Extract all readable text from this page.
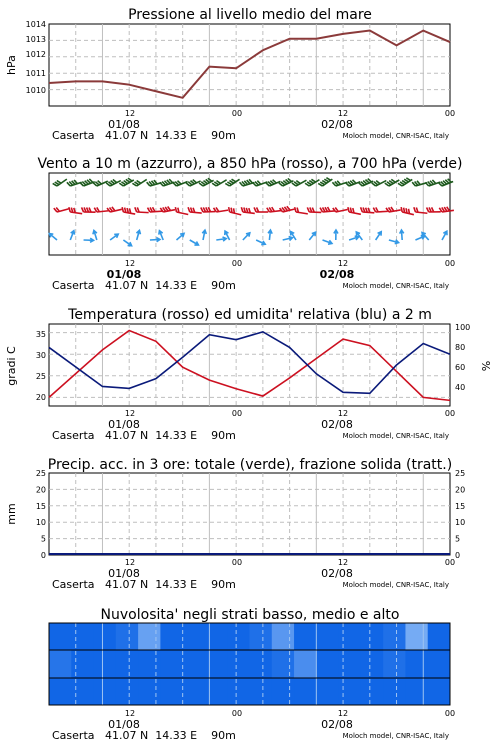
Pressione al livello medio del mare
1014
1013
1012
1011
1010
hPa
12	00	12	00
01/08	02/08
Caserta   41.07 N  14.33 E    90m	Moloch model, CNR-ISAC, Italy
Vento a 10 m (azzurro), a 850 hPa (rosso), a 700 hPa (verde)
12	00	12	00
01/08	02/08
Caserta   41.07 N  14.33 E    90m	Moloch model, CNR-ISAC, Italy
Temperatura (rosso) ed umidita' relativa (blu) a 2 m
35
30
25
20
100
80
60
40
gradi C	%
12	00	12	00
01/08	02/08
Caserta   41.07 N  14.33 E    90m	Moloch model, CNR-ISAC, Italy
Precip. acc. in 3 ore: totale (verde), frazione solida (tratt.)
25	25
20	20
15	15
10	10
5	5
0	0
mm
12	00	12	00
01/08	02/08
Caserta   41.07 N  14.33 E    90m	Moloch model, CNR-ISAC, Italy
Nuvolosita' negli strati basso, medio e alto
12	00	12	00
01/08	02/08
Caserta   41.07 N  14.33 E    90m	Moloch model, CNR-ISAC, Italy
